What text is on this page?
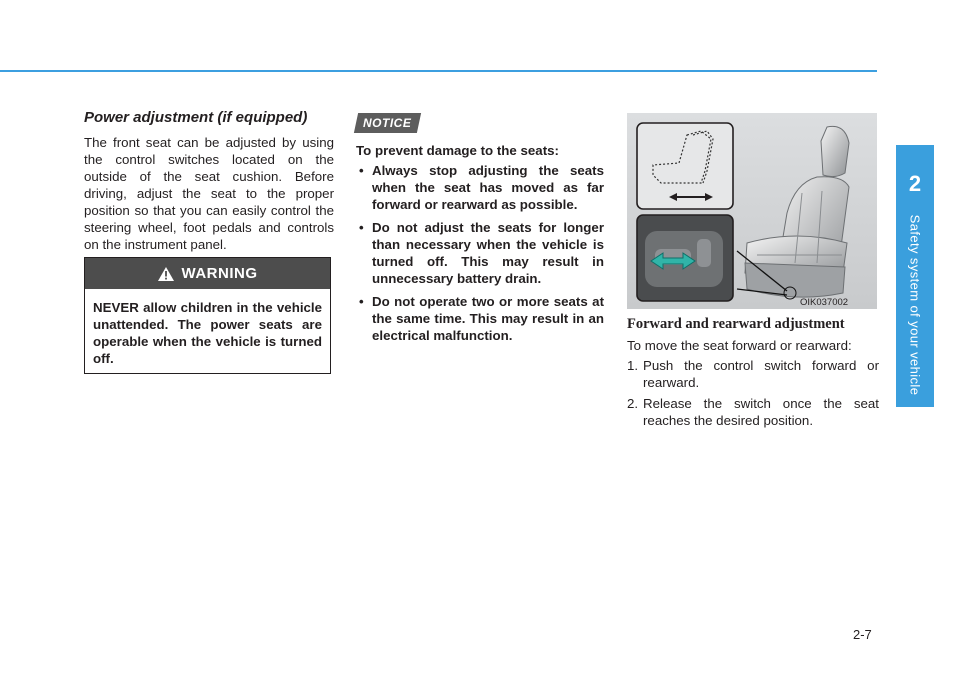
2
Safety system of your vehicle
Power adjustment (if equipped)
The front seat can be adjusted by using the control switches located on the outside of the seat cushion. Before driving, adjust the seat to the proper position so that you can easily control the steering wheel, foot pedals and controls on the instrument panel.
WARNING
NEVER allow children in the vehicle unattended. The power seats are operable when the vehicle is turned off.
NOTICE
To prevent damage to the seats:
• Always stop adjusting the seats when the seat has moved as far forward or rearward as possible.
• Do not adjust the seats for longer than necessary when the vehicle is turned off. This may result in unnecessary battery drain.
• Do not operate two or more seats at the same time. This may result in an electrical malfunction.
OIK037002
Forward and rearward adjustment
To move the seat forward or rearward:
1. Push the control switch forward or rearward.
2. Release the switch once the seat reaches the desired position.
2-7
